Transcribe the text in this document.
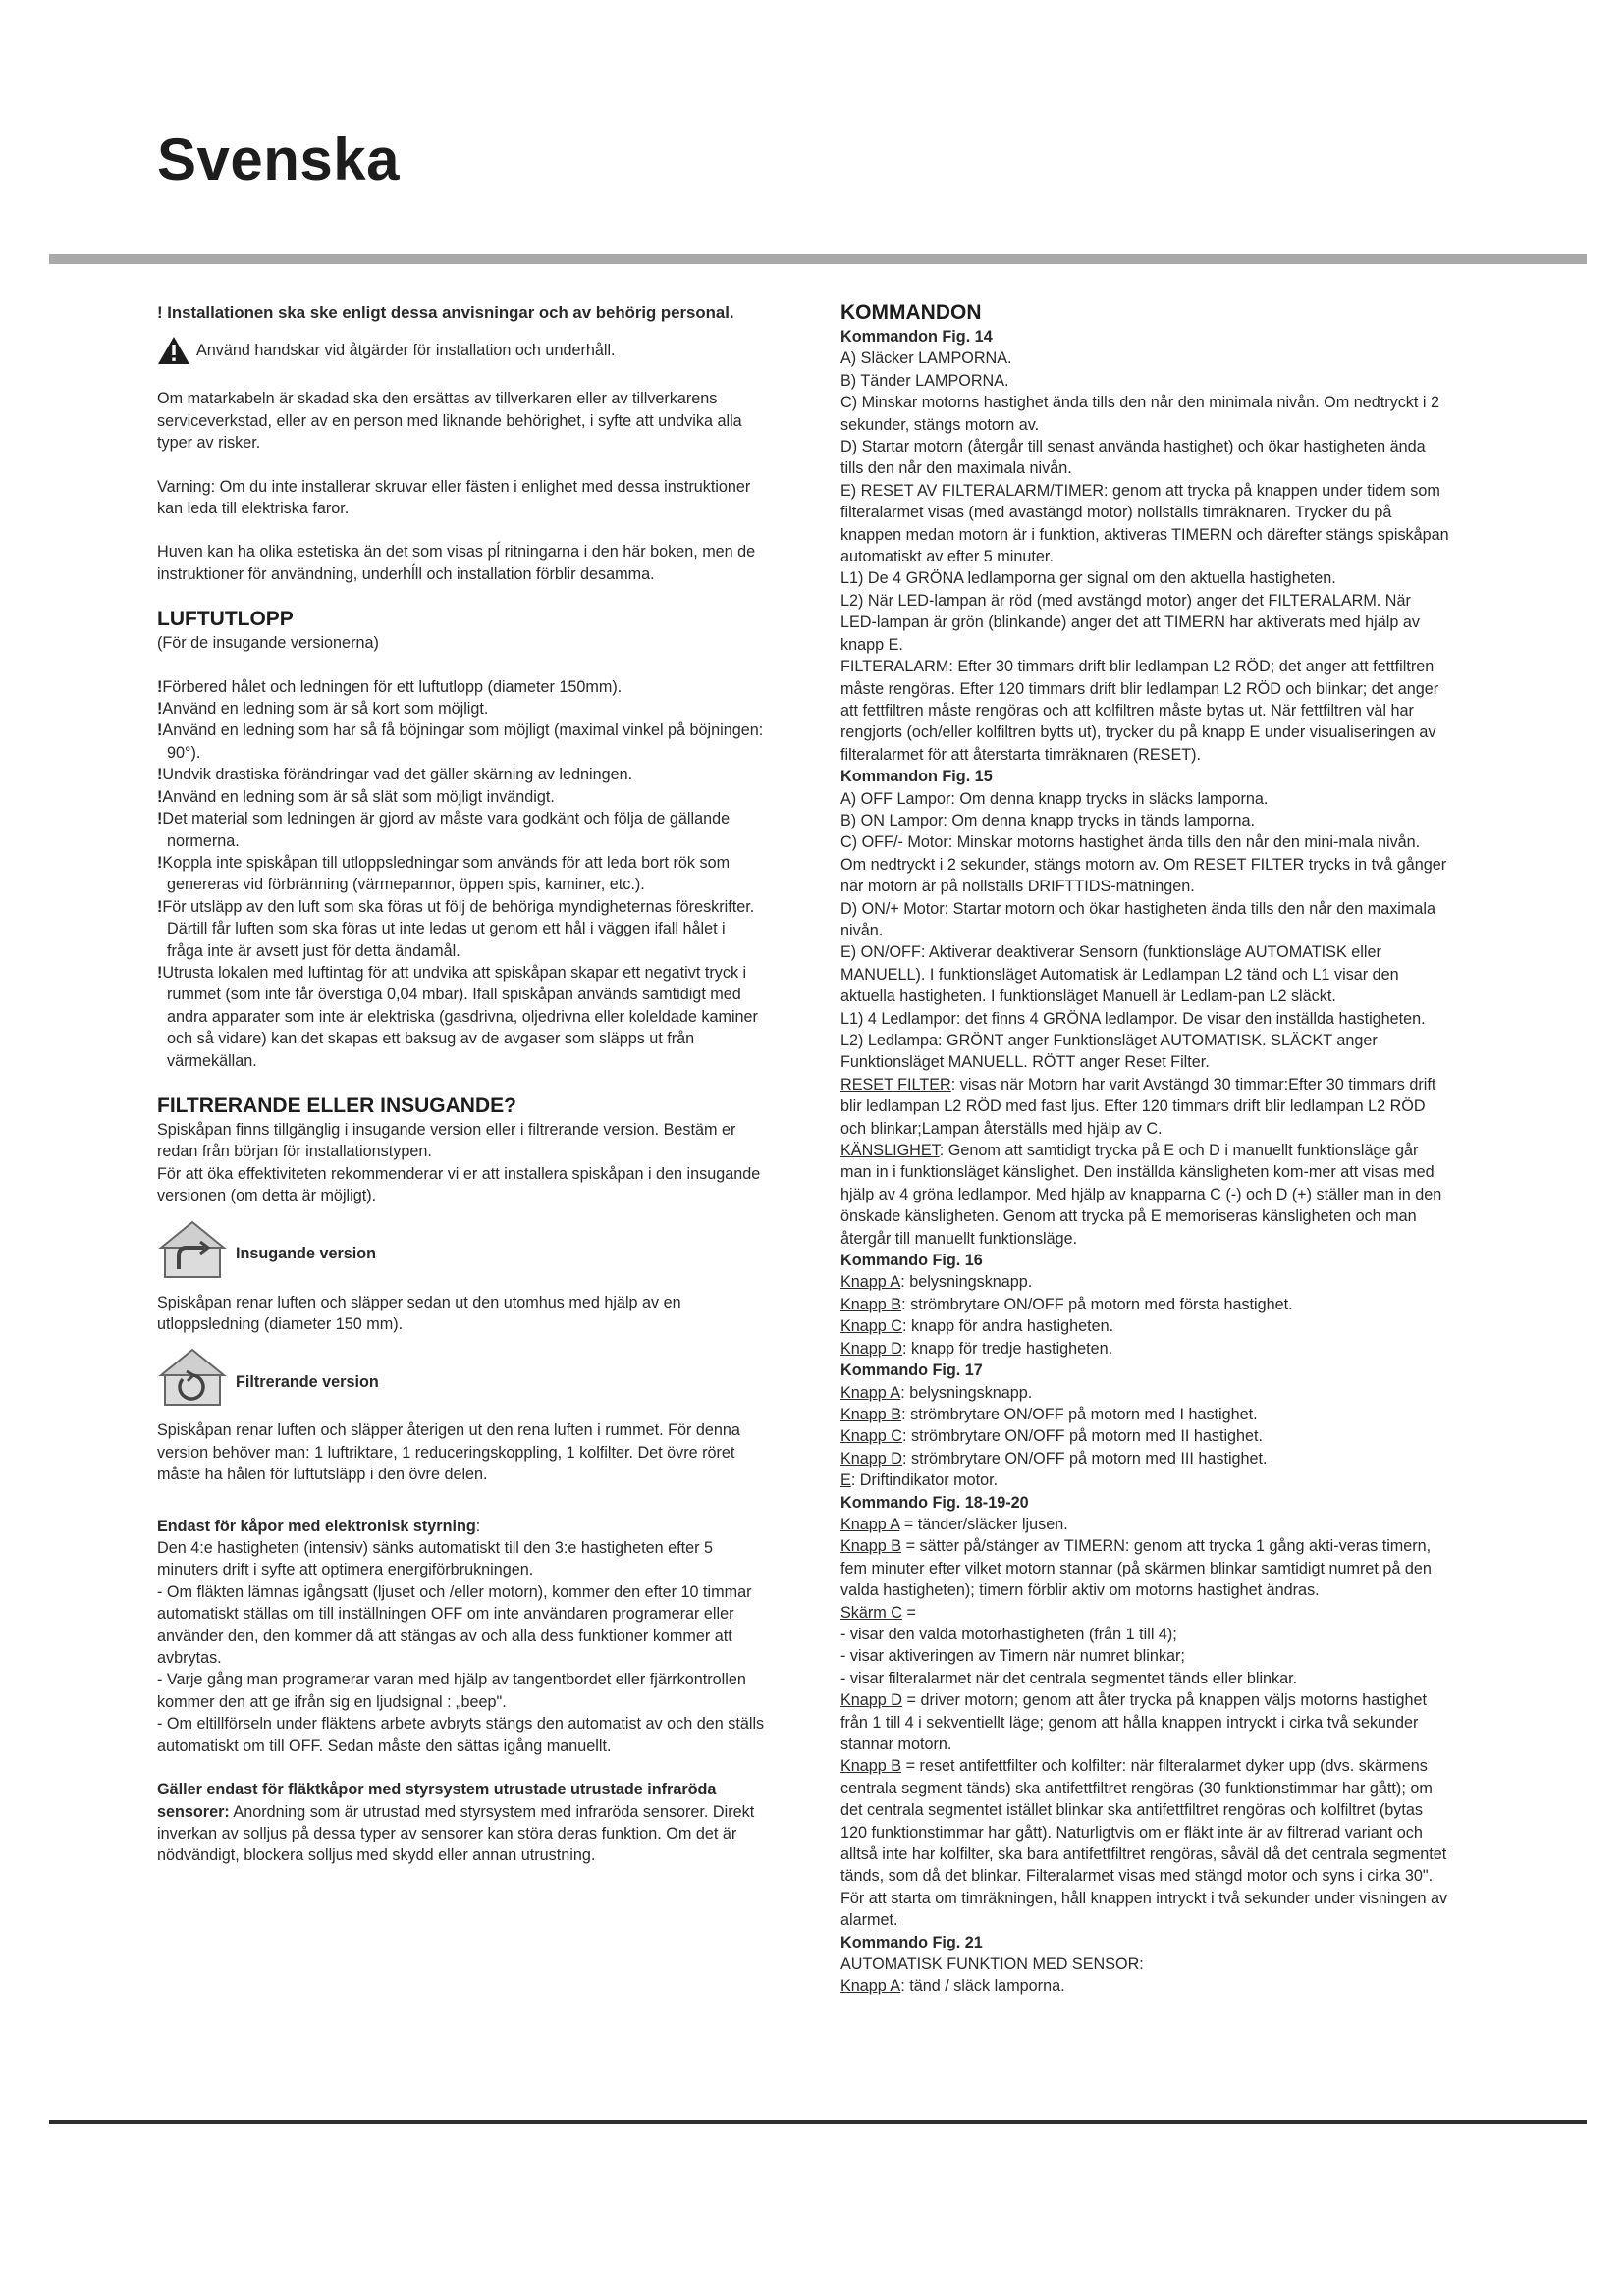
Svenska

! Installationen ska ske enligt dessa anvisningar och av behörig personal.

Använd handskar vid åtgärder för installation och underhåll.

Om matarkabeln är skadad ska den ersättas av tillverkaren eller av tillverkarens serviceverkstad, eller av en person med liknande behörighet, i syfte att undvika alla typer av risker.

Varning: Om du inte installerar skruvar eller fästen i enlighet med dessa instruktioner kan leda till elektriska faror.

Huven kan ha olika estetiska än det som visas pĺ ritningarna i den här boken, men de instruktioner för användning, underhĺll och installation förblir desamma.

LUFTUTLOPP

(För de insugande versionerna)

!Förbered hålet och ledningen för ett luftutlopp (diameter 150mm).

!Använd en ledning som är så kort som möjligt.

!Använd en ledning som har så få böjningar som möjligt (maximal vinkel på böjningen: 90°).

!Undvik drastiska förändringar vad det gäller skärning av ledningen.

!Använd en ledning som är så slät som möjligt invändigt.

!Det material som ledningen är gjord av måste vara godkänt och följa de gällande normerna.

!Koppla inte spiskåpan till utloppsledningar som används för att leda bort rök som genereras vid förbränning (värmepannor, öppen spis, kaminer, etc.).

!För utsläpp av den luft som ska föras ut följ de behöriga myndigheternas föreskrifter. Därtill får luften som ska föras ut inte ledas ut genom ett hål i väggen ifall hålet i fråga inte är avsett just för detta ändamål.

!Utrusta lokalen med luftintag för att undvika att spiskåpan skapar ett negativt tryck i rummet (som inte får överstiga 0,04 mbar). Ifall spiskåpan används samtidigt med andra apparater som inte är elektriska (gasdrivna, oljedrivna eller koleldade kaminer och så vidare) kan det skapas ett baksug av de avgaser som släpps ut från värmekällan.

FILTRERANDE ELLER INSUGANDE?

Spiskåpan finns tillgänglig i insugande version eller i filtrerande version. Bestäm er redan från början för installationstypen.

För att öka effektiviteten rekommenderar vi er att installera spiskåpan i den insugande versionen (om detta är möjligt).

Insugande version

Spiskåpan renar luften och släpper sedan ut den utomhus med hjälp av en utloppsledning (diameter 150 mm).

Filtrerande version

Spiskåpan renar luften och släpper återigen ut den rena luften i rummet. För denna version behöver man: 1 luftriktare, 1 reduceringskoppling, 1 kolfilter. Det övre röret måste ha hålen för luftutsläpp i den övre delen.

Endast för kåpor med elektronisk styrning:

Den 4:e hastigheten (intensiv) sänks automatiskt till den 3:e hastigheten efter 5 minuters drift i syfte att optimera energiförbrukningen.

- Om fläkten lämnas igångsatt (ljuset och /eller motorn), kommer den efter 10 timmar automatiskt ställas om till inställningen OFF om inte användaren programerar eller använder den, den kommer då att stängas av och alla dess funktioner kommer att avbrytas.

- Varje gång man programerar varan med hjälp av tangentbordet eller fjärrkontrollen kommer den att ge ifrån sig en ljudsignal : „beep".

- Om eltillförseln under fläktens arbete avbryts stängs den automatist av och den ställs automatiskt om till OFF. Sedan måste den sättas igång manuellt.

Gäller endast för fläktkåpor med styrsystem utrustade utrustade infraröda sensorer: Anordning som är utrustad med styrsystem med infraröda sensorer. Direkt inverkan av solljus på dessa typer av sensorer kan störa deras funktion. Om det är nödvändigt, blockera solljus med skydd eller annan utrustning.

KOMMANDON

Kommandon Fig. 14

A) Släcker LAMPORNA.

B) Tänder LAMPORNA.

C) Minskar motorns hastighet ända tills den når den minimala nivån. Om nedtryckt i 2 sekunder, stängs motorn av.

D) Startar motorn (återgår till senast använda hastighet) och ökar hastigheten ända tills den når den maximala nivån.

E) RESET AV FILTERALARM/TIMER: genom att trycka på knappen under tidem som filteralarmet visas (med avastängd motor) nollställs timräknaren. Trycker du på knappen medan motorn är i funktion, aktiveras TIMERN och därefter stängs spiskåpan automatiskt av efter 5 minuter.

L1) De 4 GRÖNA ledlamporna ger signal om den aktuella hastigheten.

L2) När LED-lampan är röd (med avstängd motor) anger det FILTERALARM. När LED-lampan är grön (blinkande) anger det att TIMERN har aktiverats med hjälp av knapp E.

FILTERALARM: Efter 30 timmars drift blir ledlampan L2 RÖD; det anger att fettfiltren måste rengöras. Efter 120 timmars drift blir ledlampan L2 RÖD och blinkar; det anger att fettfiltren måste rengöras och att kolfiltren måste bytas ut. När fettfiltren väl har rengjorts (och/eller kolfiltren bytts ut), trycker du på knapp E under visualiseringen av filteralarmet för att återstarta timräknaren (RESET).

Kommandon Fig. 15

A) OFF Lampor: Om denna knapp trycks in släcks lamporna.

B) ON Lampor: Om denna knapp trycks in tänds lamporna.

C) OFF/- Motor: Minskar motorns hastighet ända tills den når den mini-mala nivån. Om nedtryckt i 2 sekunder, stängs motorn av. Om RESET FILTER trycks in två gånger när motorn är på nollställs DRIFTTIDS-mätningen.

D) ON/+ Motor: Startar motorn och ökar hastigheten ända tills den når den maximala nivån.

E) ON/OFF: Aktiverar deaktiverar Sensorn (funktionsläge AUTOMATISK eller MANUELL). I funktionsläget Automatisk är Ledlampan L2 tänd och L1 visar den aktuella hastigheten. I funktionsläget Manuell är Ledlam-pan L2 släckt.

L1) 4 Ledlampor: det finns 4 GRÖNA ledlampor. De visar den inställda hastigheten.

L2) Ledlampa: GRÖNT anger Funktionsläget AUTOMATISK. SLÄCKT anger Funktionsläget MANUELL. RÖTT anger Reset Filter.

RESET FILTER: visas när Motorn har varit Avstängd 30 timmar:Efter 30 timmars drift blir ledlampan L2 RÖD med fast ljus. Efter 120 timmars drift blir ledlampan L2 RÖD och blinkar;Lampan återställs med hjälp av C.

KÄNSLIGHET: Genom att samtidigt trycka på E och D i manuellt funktionsläge går man in i funktionsläget känslighet. Den inställda känsligheten kom-mer att visas med hjälp av 4 gröna ledlampor. Med hjälp av knapparna C (-) och D (+) ställer man in den önskade känsligheten. Genom att trycka på E memoriseras känsligheten och man återgår till manuellt funktionsläge.

Kommando Fig. 16

Knapp A: belysningsknapp.

Knapp B: strömbrytare ON/OFF på motorn med första hastighet.

Knapp C: knapp för andra hastigheten.

Knapp D: knapp för tredje hastigheten.

Kommando Fig. 17

Knapp A: belysningsknapp.

Knapp B: strömbrytare ON/OFF på motorn med I hastighet.

Knapp C: strömbrytare ON/OFF på motorn med II hastighet.

Knapp D: strömbrytare ON/OFF på motorn med III hastighet.

E: Driftindikator motor.

Kommando Fig. 18-19-20

Knapp A = tänder/släcker ljusen.

Knapp B = sätter på/stänger av TIMERN: genom att trycka 1 gång akti-veras timern, fem minuter efter vilket motorn stannar (på skärmen blinkar samtidigt numret på den valda hastigheten); timern förblir aktiv om motorns hastighet ändras.

Skärm C =

- visar den valda motorhastigheten (från 1 till 4);

- visar aktiveringen av Timern när numret blinkar;

- visar filteralarmet när det centrala segmentet tänds eller blinkar.

Knapp D = driver motorn; genom att åter trycka på knappen väljs motorns hastighet från 1 till 4 i sekventiellt läge; genom att hålla knappen intryckt i cirka två sekunder stannar motorn.

Knapp B = reset antifettfilter och kolfilter: när filteralarmet dyker upp (dvs. skärmens centrala segment tänds) ska antifettfiltret rengöras (30 funktionstimmar har gått); om det centrala segmentet istället blinkar ska antifettfiltret rengöras och kolfiltret (bytas 120 funktionstimmar har gått). Naturligtvis om er fläkt inte är av filtrerad variant och alltså inte har kolfilter, ska bara antifettfiltret rengöras, såväl då det centrala segmentet tänds, som då det blinkar. Filteralarmet visas med stängd motor och syns i cirka 30". För att starta om timräkningen, håll knappen intryckt i två sekunder under visningen av alarmet.

Kommando Fig. 21

AUTOMATISK FUNKTION MED SENSOR:

Knapp A: tänd / släck lamporna.
